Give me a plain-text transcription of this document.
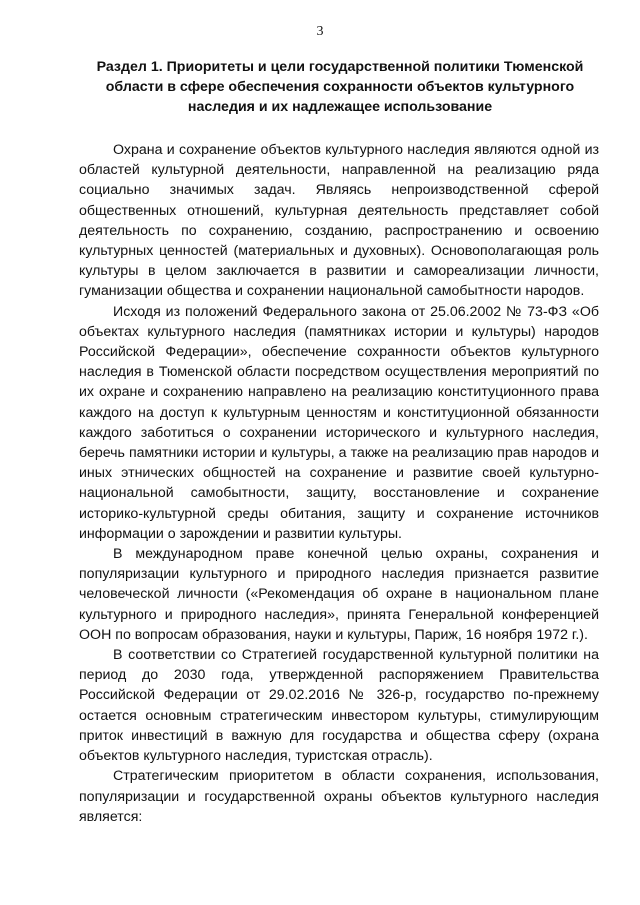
3
Раздел 1. Приоритеты и цели государственной политики Тюменской области в сфере обеспечения сохранности объектов культурного наследия и их надлежащее использование

Охрана и сохранение объектов культурного наследия являются одной из областей культурной деятельности, направленной на реализацию ряда социально значимых задач. Являясь непроизводственной сферой общественных отношений, культурная деятельность представляет собой деятельность по сохранению, созданию, распространению и освоению культурных ценностей (материальных и духовных). Основополагающая роль культуры в целом заключается в развитии и самореализации личности, гуманизации общества и сохранении национальной самобытности народов.

Исходя из положений Федерального закона от 25.06.2002 № 73-ФЗ «Об объектах культурного наследия (памятниках истории и культуры) народов Российской Федерации», обеспечение сохранности объектов культурного наследия в Тюменской области посредством осуществления мероприятий по их охране и сохранению направлено на реализацию конституционного права каждого на доступ к культурным ценностям и конституционной обязанности каждого заботиться о сохранении исторического и культурного наследия, беречь памятники истории и культуры, а также на реализацию прав народов и иных этнических общностей на сохранение и развитие своей культурно-национальной самобытности, защиту, восстановление и сохранение историко-культурной среды обитания, защиту и сохранение источников информации о зарождении и развитии культуры.

В международном праве конечной целью охраны, сохранения и популяризации культурного и природного наследия признается развитие человеческой личности («Рекомендация об охране в национальном плане культурного и природного наследия», принята Генеральной конференцией ООН по вопросам образования, науки и культуры, Париж, 16 ноября 1972 г.).

В соответствии со Стратегией государственной культурной политики на период до 2030 года, утвержденной распоряжением Правительства Российской Федерации от 29.02.2016 № 326-р, государство по-прежнему остается основным стратегическим инвестором культуры, стимулирующим приток инвестиций в важную для государства и общества сферу (охрана объектов культурного наследия, туристская отрасль).

Стратегическим приоритетом в области сохранения, использования, популяризации и государственной охраны объектов культурного наследия является:
